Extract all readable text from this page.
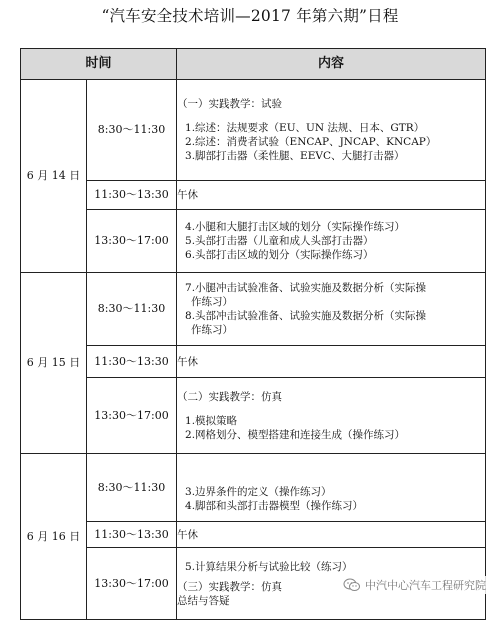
“汽车安全技术培训—2017 年第六期”日程
时间		内容
6 月 14 日	8:30～11:30	（一）实践教学：试验
1.综述：法规要求（EU、UN 法规、日本、GTR）
2.综述：消费者试验（ENCAP、JNCAP、KNCAP）
3.脚部打击器（柔性腿、EEVC、大腿打击器）

	11:30～13:30	午休

	13:30～17:00	4.小腿和大腿打击区域的划分（实际操作练习）
5.头部打击器（儿童和成人头部打击器）
6.头部打击区域的划分（实际操作练习）

6 月 15 日	8:30～11:30	7.小腿冲击试验准备、试验实施及数据分析（实际操
作练习）
8.头部冲击试验准备、试验实施及数据分析（实际操
作练习）

	11:30～13:30	午休

	13:30～17:00	（二）实践教学：仿真
1.模拟策略
2.网格划分、模型搭建和连接生成（操作练习）

6 月 16 日	8:30～11:30	3.边界条件的定义（操作练习）
4.脚部和头部打击器模型（操作练习）

	11:30～13:30	午休

	13:30～17:00	5.计算结果分析与试验比较（练习）
（三）实践教学：仿真
总结与答疑
中汽中心汽车工程研究院
